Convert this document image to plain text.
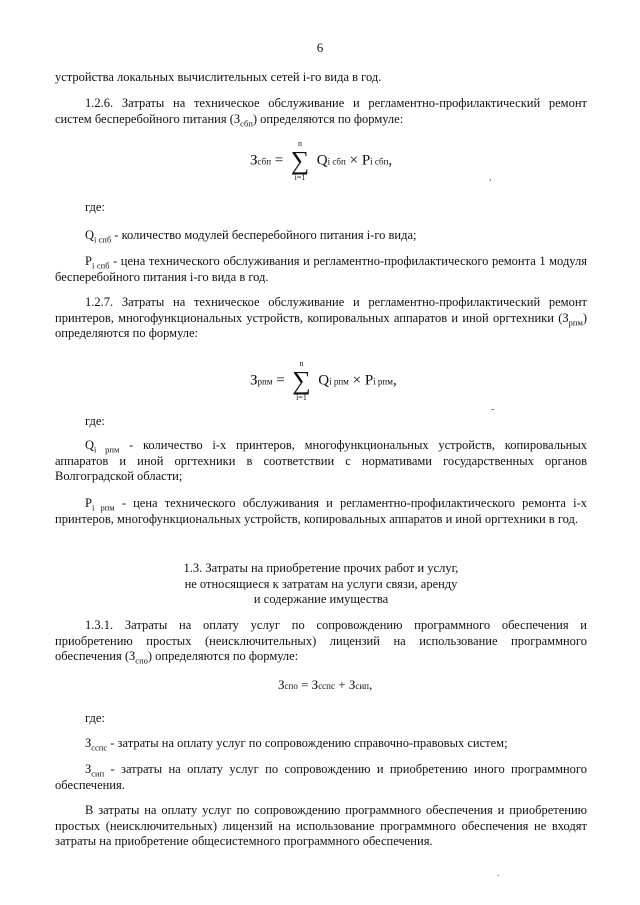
6

устройства локальных вычислительных сетей i-го вида в год.

1.2.6. Затраты на техническое обслуживание и регламентно-профилактический ремонт систем бесперебойного питания $(З_{сбп})$ определяются по формуле:

Зсбп =
n
∑
i=1
Qi сбп × Pi сбп,

где:

$Q_{i спб}$ - количество модулей бесперебойного питания i-го вида;

$P_{i спб}$ - цена технического обслуживания и регламентно-профилактического ремонта 1 модуля бесперебойного питания i-го вида в год.

1.2.7. Затраты на техническое обслуживание и регламентно-профилактический ремонт принтеров, многофункциональных устройств, копировальных аппаратов и иной оргтехники $(З_{рпм})$ определяются по формуле:

Зрпм =
n
∑
i=1
Qi рпм × Pi рпм,

где:

$Q_{i рпм}$ - количество i-х принтеров, многофункциональных устройств, копировальных аппаратов и иной оргтехники в соответствии с нормативами государственных органов Волгоградской области;

$P_{i рпм}$ - цена технического обслуживания и регламентно-профилактического ремонта i-х принтеров, многофункциональных устройств, копировальных аппаратов и иной оргтехники в год.

1.3. Затраты на приобретение прочих работ и услуг,
не относящиеся к затратам на услуги связи, аренду
и содержание имущества

1.3.1. Затраты на оплату услуг по сопровождению программного обеспечения и приобретению простых (неисключительных) лицензий на использование программного обеспечения $(З_{спо})$ определяются по формуле:

Зспо = Зсспс + Зсип,

где:

$З_{сспс}$ - затраты на оплату услуг по сопровождению справочно-правовых систем;

$З_{сип}$ - затраты на оплату услуг по сопровождению и приобретению иного программного обеспечения.

В затраты на оплату услуг по сопровождению программного обеспечения и приобретению простых (неисключительных) лицензий на использование программного обеспечения не входят затраты на приобретение общесистемного программного обеспечения.

,
-
.
